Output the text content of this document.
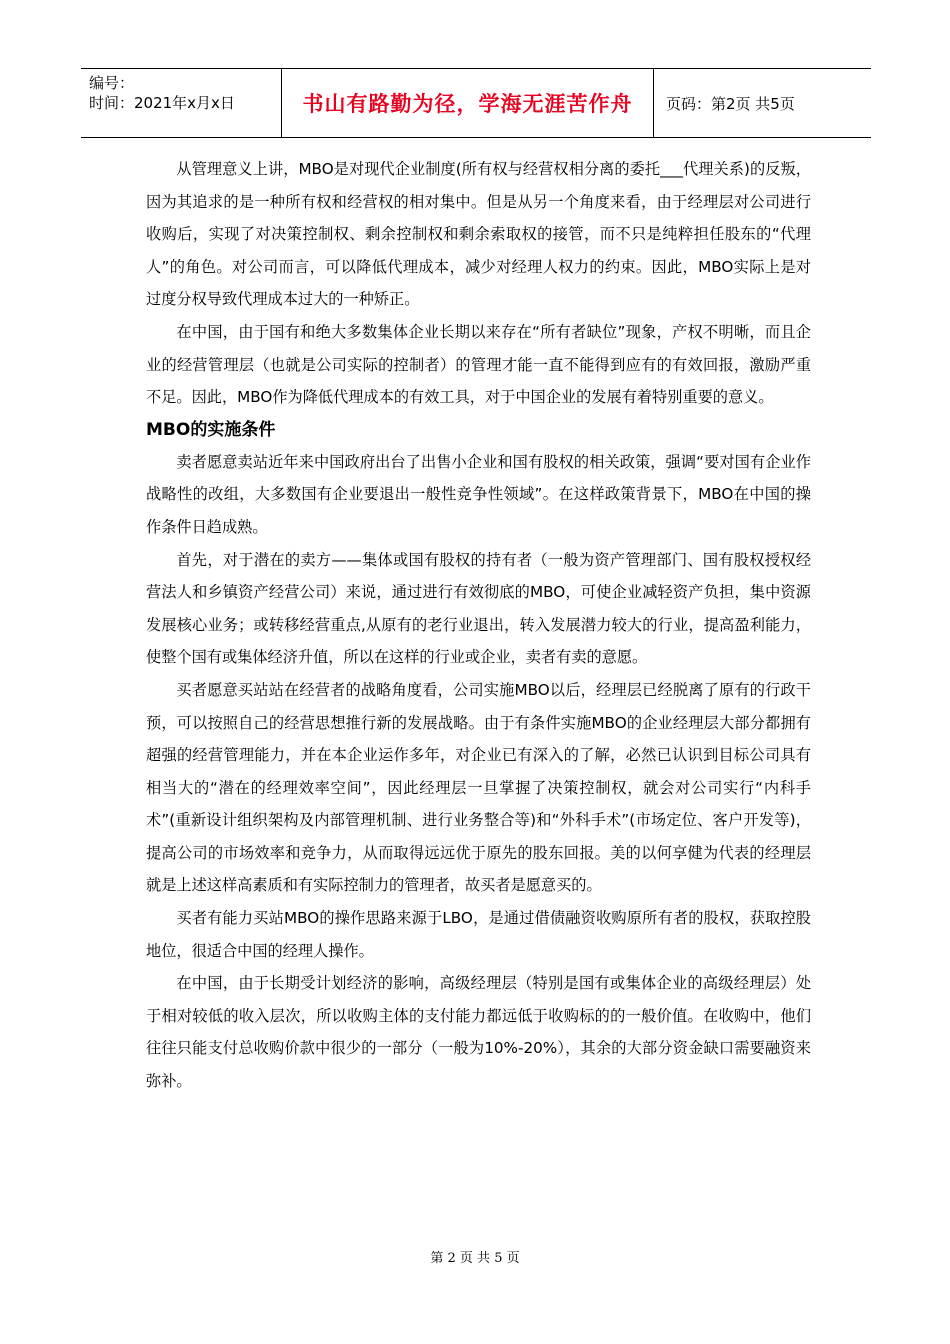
编号：
时间：2021年x月x日	书山有路勤为径，学海无涯苦作舟 页码：第2页 共5页

从管理意义上讲，MBO是对现代企业制度(所有权与经营权相分离的委托___代理关系)的反叛，因为其追求的是一种所有权和经营权的相对集中。但是从另一个角度来看，由于经理层对公司进行收购后，实现了对决策控制权、剩余控制权和剩余索取权的接管，而不只是纯粹担任股东的“代理人”的角色。对公司而言，可以降低代理成本，减少对经理人权力的约束。因此，MBO实际上是对过度分权导致代理成本过大的一种矫正。

在中国，由于国有和绝大多数集体企业长期以来存在“所有者缺位”现象，产权不明晰，而且企业的经营管理层（也就是公司实际的控制者）的管理才能一直不能得到应有的有效回报，激励严重不足。因此，MBO作为降低代理成本的有效工具，对于中国企业的发展有着特别重要的意义。

MBO的实施条件

卖者愿意卖站近年来中国政府出台了出售小企业和国有股权的相关政策，强调“要对国有企业作战略性的改组，大多数国有企业要退出一般性竞争性领域”。在这样政策背景下，MBO在中国的操作条件日趋成熟。

首先，对于潜在的卖方——集体或国有股权的持有者（一般为资产管理部门、国有股权授权经营法人和乡镇资产经营公司）来说，通过进行有效彻底的MBO，可使企业减轻资产负担，集中资源发展核心业务；或转移经营重点,从原有的老行业退出，转入发展潜力较大的行业，提高盈利能力，使整个国有或集体经济升值，所以在这样的行业或企业，卖者有卖的意愿。

买者愿意买站站在经营者的战略角度看，公司实施MBO以后，经理层已经脱离了原有的行政干预，可以按照自己的经营思想推行新的发展战略。由于有条件实施MBO的企业经理层大部分都拥有超强的经营管理能力，并在本企业运作多年，对企业已有深入的了解，必然已认识到目标公司具有相当大的“潜在的经理效率空间”，因此经理层一旦掌握了决策控制权，就会对公司实行“内科手术”(重新设计组织架构及内部管理机制、进行业务整合等)和“外科手术”(市场定位、客户开发等)，提高公司的市场效率和竞争力，从而取得远远优于原先的股东回报。美的以何享健为代表的经理层就是上述这样高素质和有实际控制力的管理者，故买者是愿意买的。

买者有能力买站MBO的操作思路来源于LBO，是通过借债融资收购原所有者的股权，获取控股地位，很适合中国的经理人操作。

在中国，由于长期受计划经济的影响，高级经理层（特别是国有或集体企业的高级经理层）处于相对较低的收入层次，所以收购主体的支付能力都远低于收购标的的一般价值。在收购中，他们往往只能支付总收购价款中很少的一部分（一般为10%-20%），其余的大部分资金缺口需要融资来弥补。

第 2 页 共 5 页
